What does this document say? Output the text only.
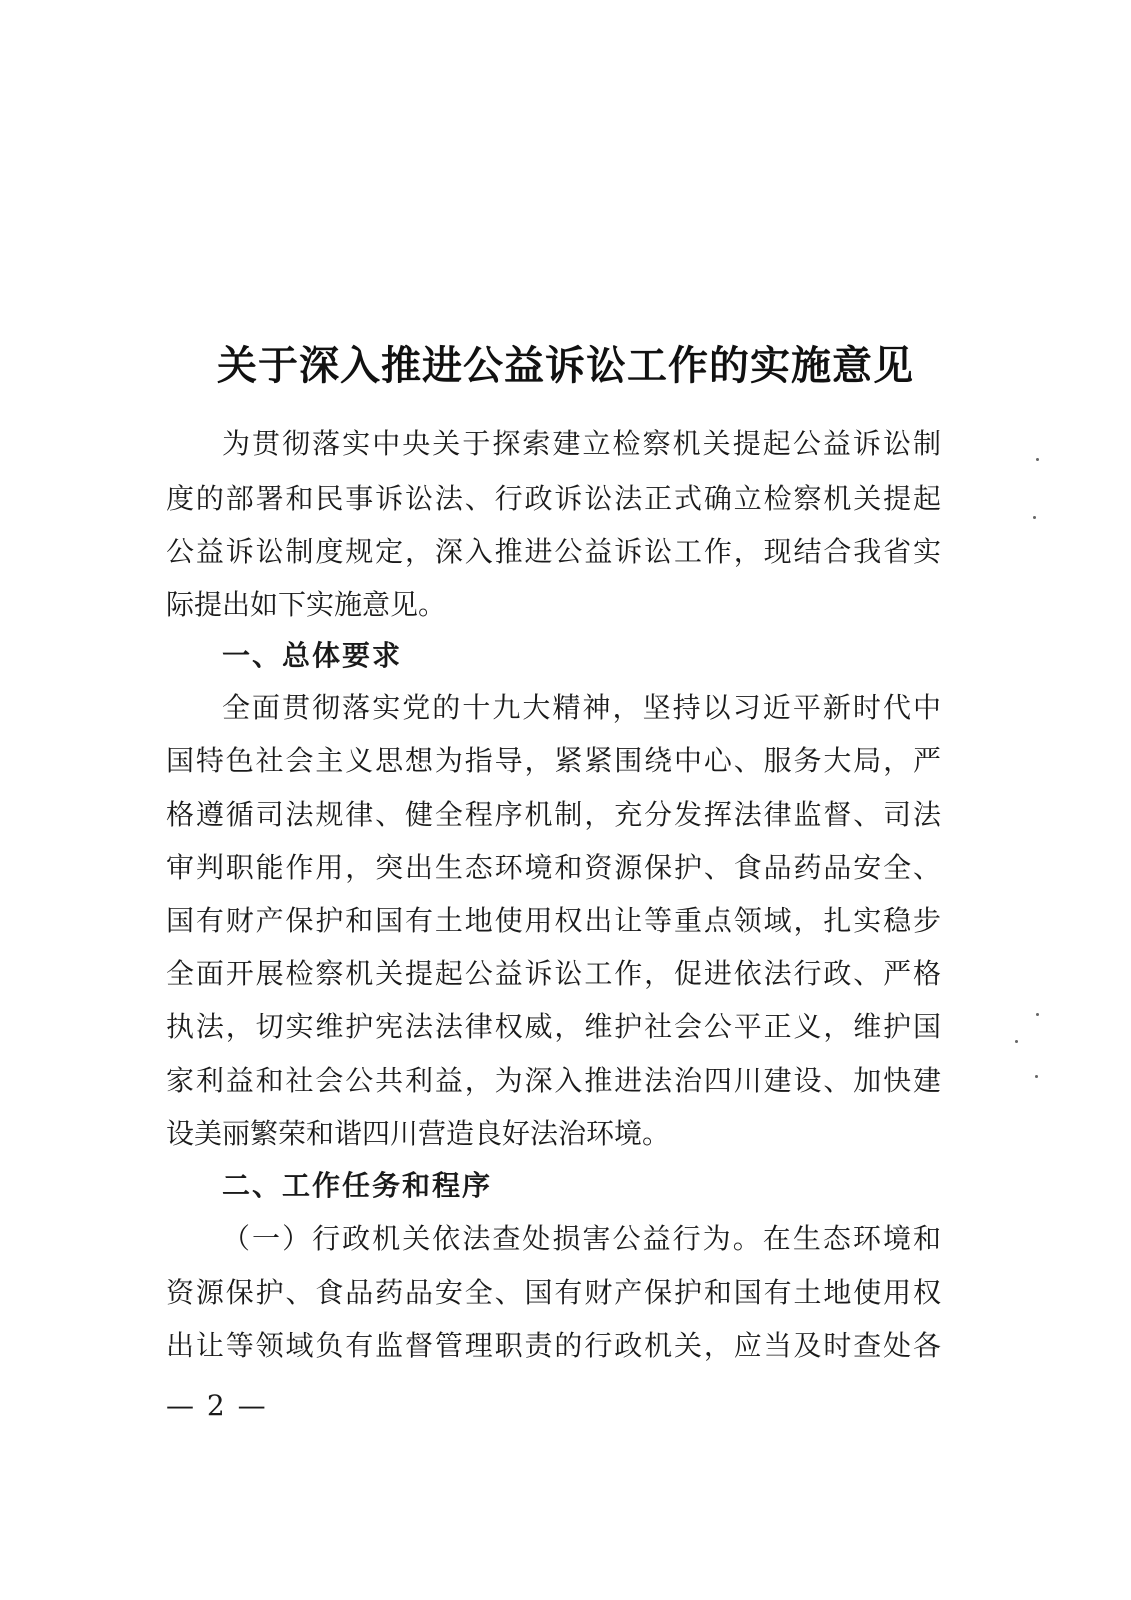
关于深入推进公益诉讼工作的实施意见
为贯彻落实中央关于探索建立检察机关提起公益诉讼制
度的部署和民事诉讼法、行政诉讼法正式确立检察机关提起
公益诉讼制度规定，深入推进公益诉讼工作，现结合我省实
际提出如下实施意见。
一、总体要求
全面贯彻落实党的十九大精神，坚持以习近平新时代中
国特色社会主义思想为指导，紧紧围绕中心、服务大局，严
格遵循司法规律、健全程序机制，充分发挥法律监督、司法
审判职能作用，突出生态环境和资源保护、食品药品安全、
国有财产保护和国有土地使用权出让等重点领域，扎实稳步
全面开展检察机关提起公益诉讼工作，促进依法行政、严格
执法，切实维护宪法法律权威，维护社会公平正义，维护国
家利益和社会公共利益，为深入推进法治四川建设、加快建
设美丽繁荣和谐四川营造良好法治环境。
二、工作任务和程序
（一）行政机关依法查处损害公益行为。在生态环境和
资源保护、食品药品安全、国有财产保护和国有土地使用权
出让等领域负有监督管理职责的行政机关，应当及时查处各
— 2 —
